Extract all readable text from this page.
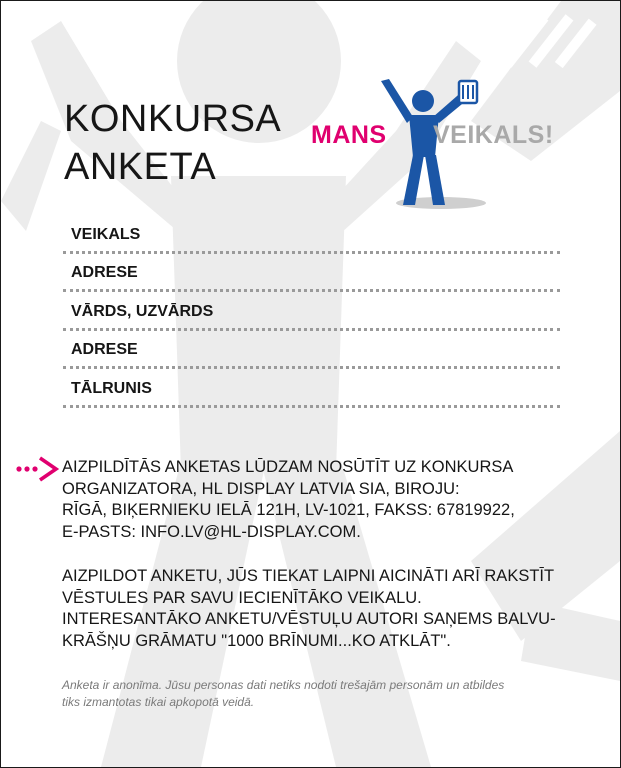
KONKURSA
ANKETA
MANS VEIKALS!
VEIKALS
ADRESE
VĀRDS, UZVĀRDS
ADRESE
TĀLRUNIS

AIZPILDĪTĀS ANKETAS LŪDZAM NOSŪTĪT UZ KONKURSA
ORGANIZATORA, HL DISPLAY LATVIA SIA, BIROJU:
RĪGĀ, BIĶERNIEKU IELĀ 121H, LV-1021, FAKSS: 67819922,
E-PASTS: INFO.LV@HL-DISPLAY.COM.

AIZPILDOT ANKETU, JŪS TIEKAT LAIPNI AICINĀTI ARĪ RAKSTĪT
VĒSTULES PAR SAVU IECIENĪTĀKO VEIKALU.
INTERESANTĀKO ANKETU/VĒSTUĻU AUTORI SAŅEMS BALVU-
KRĀŠŅU GRĀMATU "1000 BRĪNUMI...KO ATKLĀT".

Anketa ir anonīma. Jūsu personas dati netiks nodoti trešajām personām un atbildes
tiks izmantotas tikai apkopotā veidā.
